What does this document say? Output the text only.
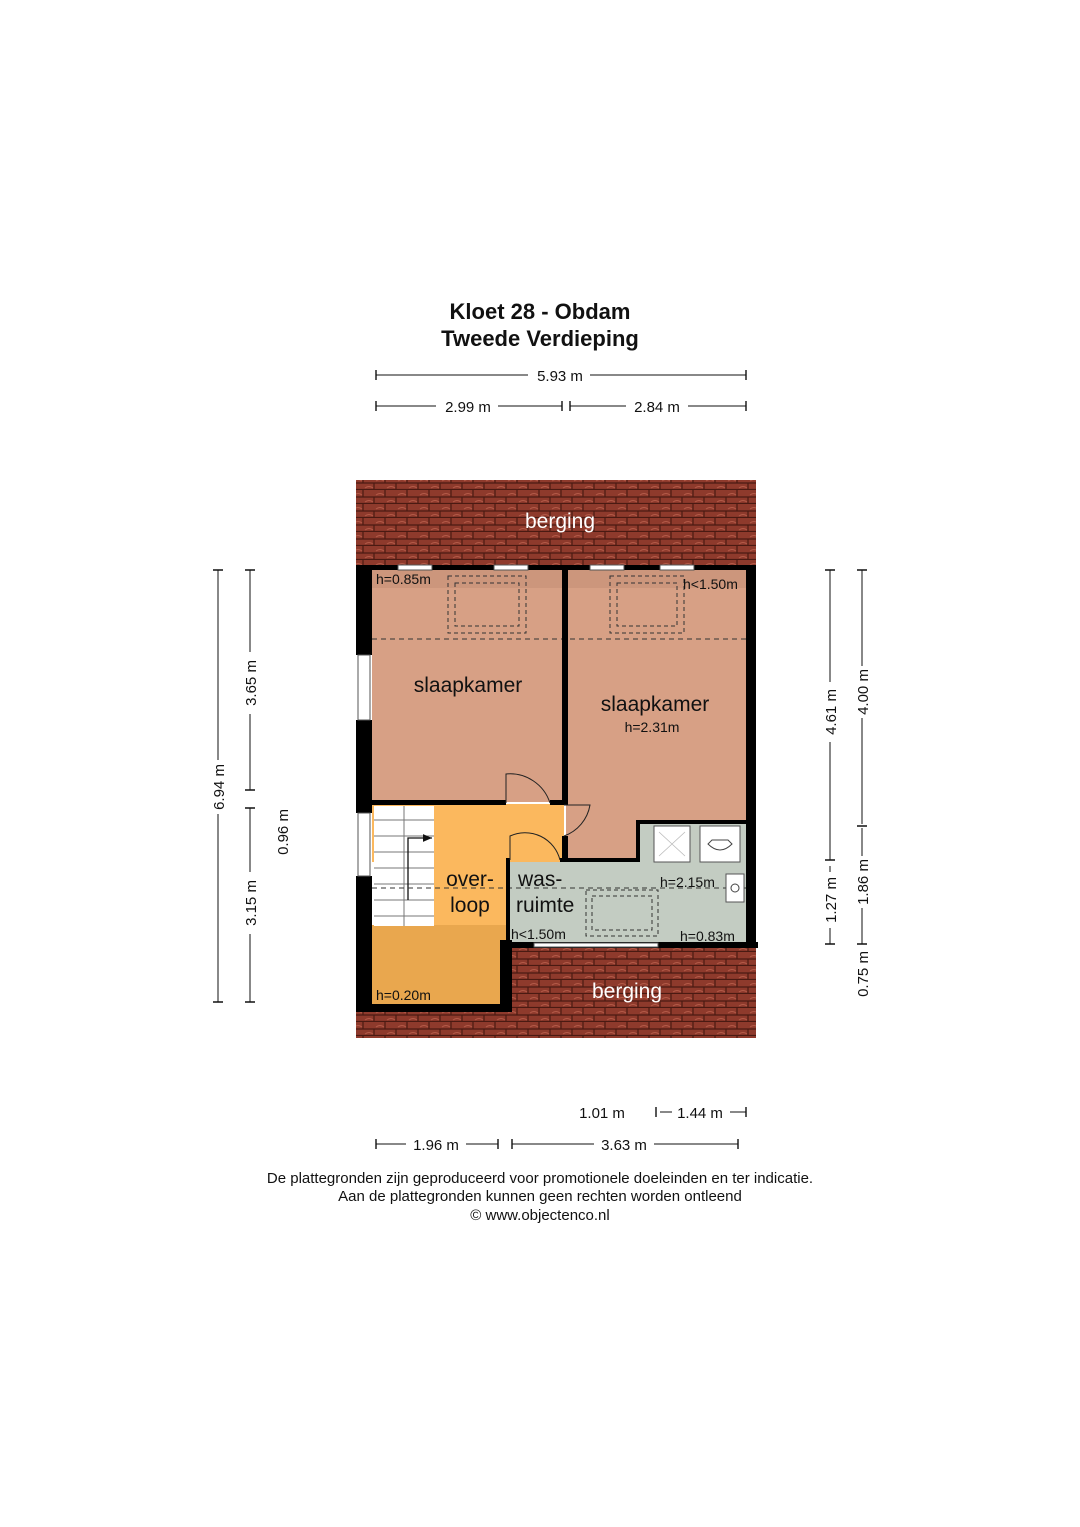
Kloet 28 - Obdam
Tweede Verdieping
berging
berging
slaapkamer
h=0.85m
slaapkamer
h=2.31m
h<1.50m
over-
loop
h=0.20m
was-
ruimte
h=2.15m
h<1.50m	h=0.83m
5.93 m
2.99 m	2.84 m
6.94 m
3.65 m
3.15 m
0.96 m
4.61 m
1.27 m
4.00 m
1.86 m
0.75 m
1.01 m	1.44 m
1.96 m	3.63 m
De plattegronden zijn geproduceerd voor promotionele doeleinden en ter indicatie.
Aan de plattegronden kunnen geen rechten worden ontleend
© www.objectenco.nl
